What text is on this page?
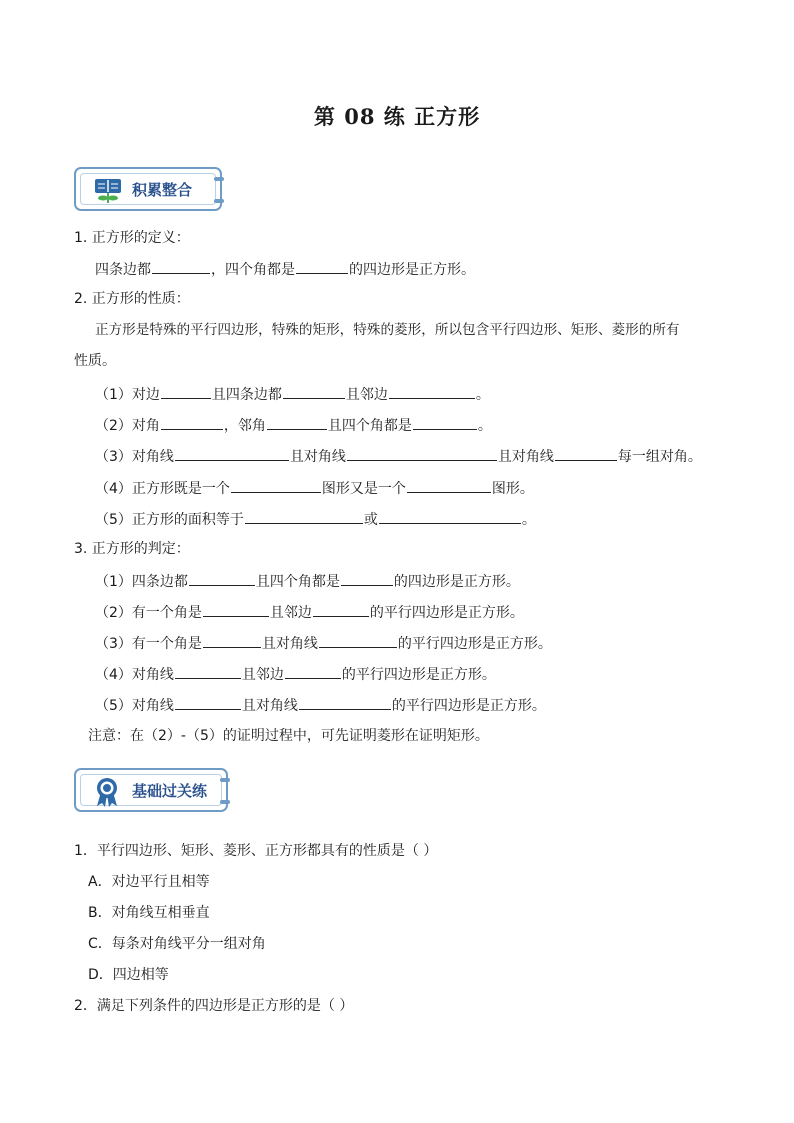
第 08 练 正方形
积累整合
1. 正方形的定义：
四条边都	，四个角都是	的四边形是正方形。
2. 正方形的性质：
正方形是特殊的平行四边形，特殊的矩形，特殊的菱形，所以包含平行四边形、矩形、菱形的所有
性质。
（1）对边	且四条边都	且邻边	。
（2）对角	，邻角	且四个角都是	。
（3）对角线	且对角线	且对角线	每一组对角。
（4）正方形既是一个	图形又是一个	图形。
（5）正方形的面积等于	或	。
3. 正方形的判定：
（1）四条边都	且四个角都是	的四边形是正方形。
（2）有一个角是	且邻边	的平行四边形是正方形。
（3）有一个角是	且对角线	的平行四边形是正方形。
（4）对角线	且邻边	的平行四边形是正方形。
（5）对角线	且对角线	的平行四边形是正方形。
注意：在（2）-（5）的证明过程中，可先证明菱形在证明矩形。
基础过关练
1．平行四边形、矩形、菱形、正方形都具有的性质是（ ）
A．对边平行且相等
B．对角线互相垂直
C．每条对角线平分一组对角
D．四边相等
2．满足下列条件的四边形是正方形的是（ ）
